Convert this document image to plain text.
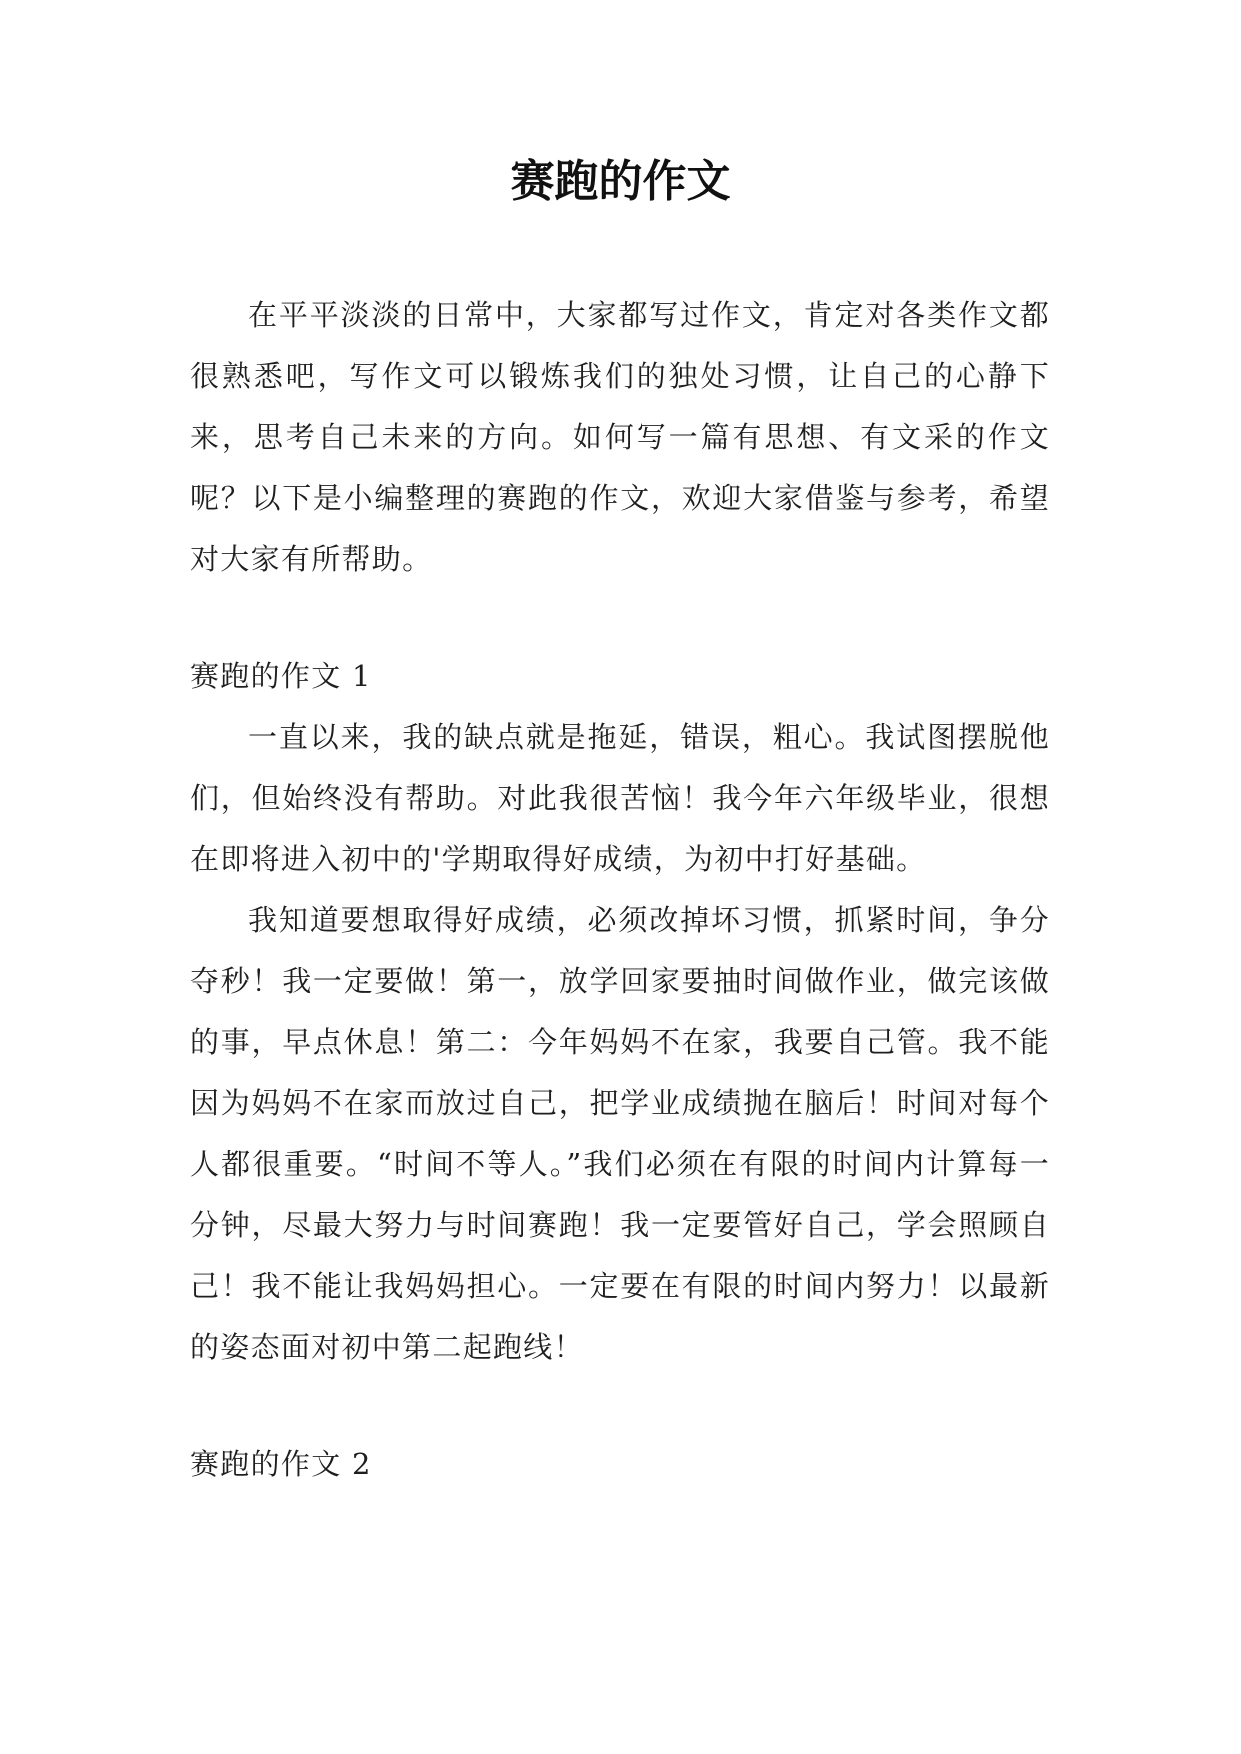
赛跑的作文

在平平淡淡的日常中，大家都写过作文，肯定对各类作文都很熟悉吧，写作文可以锻炼我们的独处习惯，让自己的心静下来，思考自己未来的方向。如何写一篇有思想、有文采的作文呢？以下是小编整理的赛跑的作文，欢迎大家借鉴与参考，希望对大家有所帮助。

赛跑的作文 1

一直以来，我的缺点就是拖延，错误，粗心。我试图摆脱他们，但始终没有帮助。对此我很苦恼！我今年六年级毕业，很想在即将进入初中的'学期取得好成绩，为初中打好基础。

我知道要想取得好成绩，必须改掉坏习惯，抓紧时间，争分夺秒！我一定要做！第一，放学回家要抽时间做作业，做完该做的事，早点休息！第二：今年妈妈不在家，我要自己管。我不能因为妈妈不在家而放过自己，把学业成绩抛在脑后！时间对每个人都很重要。“时间不等人。”我们必须在有限的时间内计算每一分钟，尽最大努力与时间赛跑！我一定要管好自己，学会照顾自己！我不能让我妈妈担心。一定要在有限的时间内努力！以最新的姿态面对初中第二起跑线！

赛跑的作文 2
